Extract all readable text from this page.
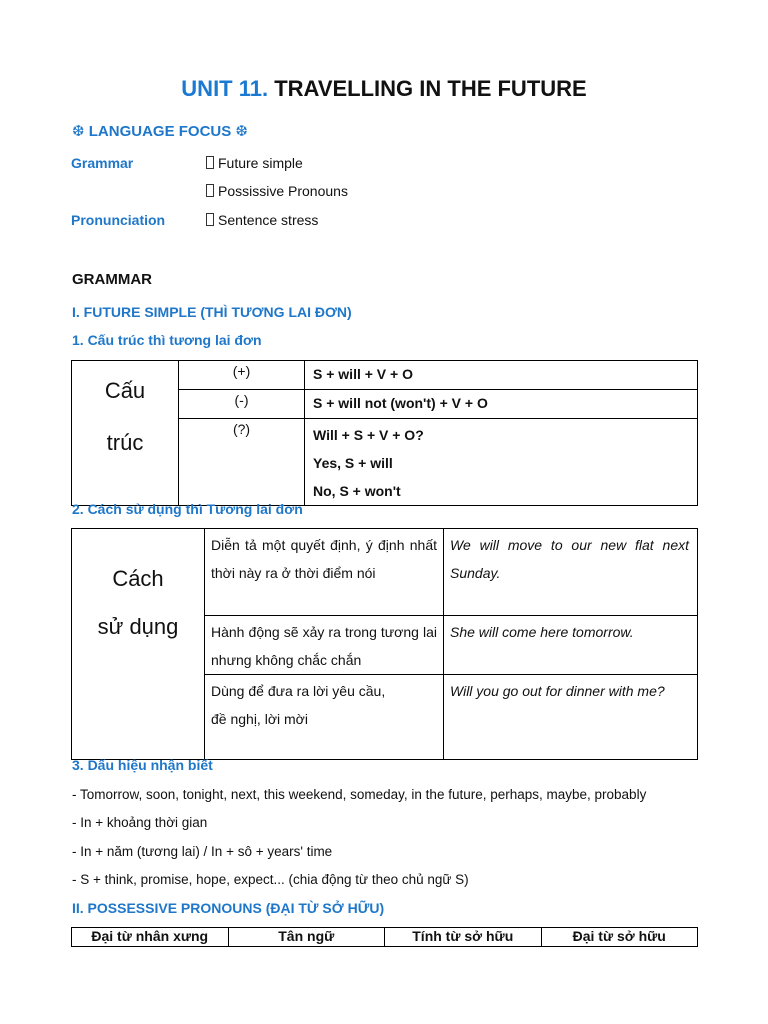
UNIT 11. TRAVELLING IN THE FUTURE
❆ LANGUAGE FOCUS ❆
Grammar	Future simple
Possissive Pronouns
Pronunciation	Sentence stress
GRAMMAR
I. FUTURE SIMPLE (THÌ TƯƠNG LAI ĐƠN)
1. Cấu trúc thì tương lai đơn
Cấu
trúc	(+)	S + will + V + O
	(-)	S + will not (won't) + V + O
	(?)	Will + S + V + O?
Yes, S + will
No, S + won't
2. Cách sử dụng thì Tương lai đơn
Cách
sử dụng	Diễn tả một quyết định, ý định nhất thời này ra ở thời điểm nói	We will move to our new flat next Sunday.
	Hành động sẽ xảy ra trong tương lai nhưng không chắc chắn	She will come here tomorrow.

	Dùng để đưa ra lời yêu cầu,
đề nghị, lời mời	Will you go out for dinner with me?
3. Dấu hiệu nhận biết
- Tomorrow, soon, tonight, next, this weekend, someday, in the future, perhaps, maybe, probably
- In + khoảng thời gian
- In + năm (tương lai) / In + sô + years' time
- S + think, promise, hope, expect... (chia động từ theo chủ ngữ S)
II. POSSESSIVE PRONOUNS (ĐẠI TỪ SỞ HỮU)
Đại từ nhân xưng	Tân ngữ	Tính từ sở hữu	Đại từ sở hữu
